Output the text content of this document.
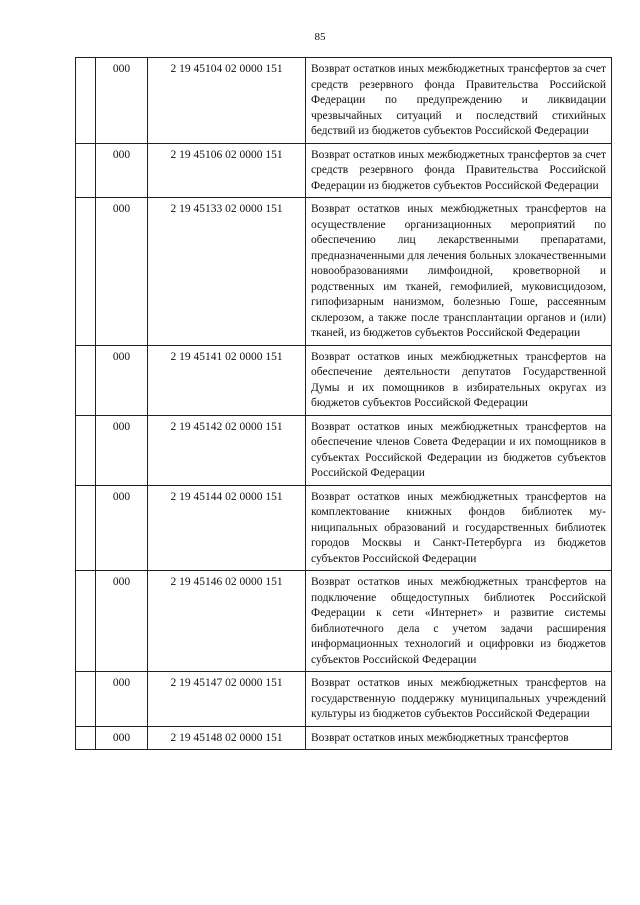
85
	000	2 19 45104 02 0000 151	Возврат остатков иных межбюджетных трансфертов за счет средств резервного фонда Правительства Российской Федерации по предупреждению и ликвидации чрезвычайных ситуаций и последствий стихийных бедствий из бюджетов субъектов Российской Федерации

	000	2 19 45106 02 0000 151	Возврат остатков иных межбюджетных трансфертов за счет средств резервного фонда Правительства Российской Федерации из бюджетов субъектов Российской Федерации

	000	2 19 45133 02 0000 151	Возврат остатков иных межбюджетных трансфертов на осуществление организационных мероприятий по обеспечению лиц лекарственными препаратами, предназначенными для лечения больных злокачественными новообразованиями лимфоидной, кроветворной и родственных им тканей, гемофилией, муковисцидозом, гипофизарным нанизмом, болезнью Гоше, рассеянным склерозом, а также после трансплантации органов и (или) тканей, из бюджетов субъектов Российской Федерации

	000	2 19 45141 02 0000 151	Возврат остатков иных межбюджетных трансфертов на обеспечение деятельности депутатов Государственной Думы и их помощников в избирательных округах из бюджетов субъектов Российской Федерации

	000	2 19 45142 02 0000 151	Возврат остатков иных межбюджетных трансфертов на обеспечение членов Совета Федерации и их помощников в субъектах Российской Федерации из бюджетов субъектов Российской Федерации

	000	2 19 45144 02 0000 151	Возврат остатков иных межбюджетных трансфертов на комплектование книжных фондов библиотек муниципальных образований и государственных библиотек городов Москвы и Санкт-Петербурга из бюджетов субъектов Российской Федерации

	000	2 19 45146 02 0000 151	Возврат остатков иных межбюджетных трансфертов на подключение общедоступных библиотек Российской Федерации к сети «Интернет» и развитие системы библиотечного дела с учетом задачи расширения информационных технологий и оцифровки из бюджетов субъектов Российской Федерации

	000	2 19 45147 02 0000 151	Возврат остатков иных межбюджетных трансфертов на государственную поддержку муниципальных учреждений культуры из бюджетов субъектов Российской Федерации

	000	2 19 45148 02 0000 151	Возврат остатков иных межбюджетных трансфертов
